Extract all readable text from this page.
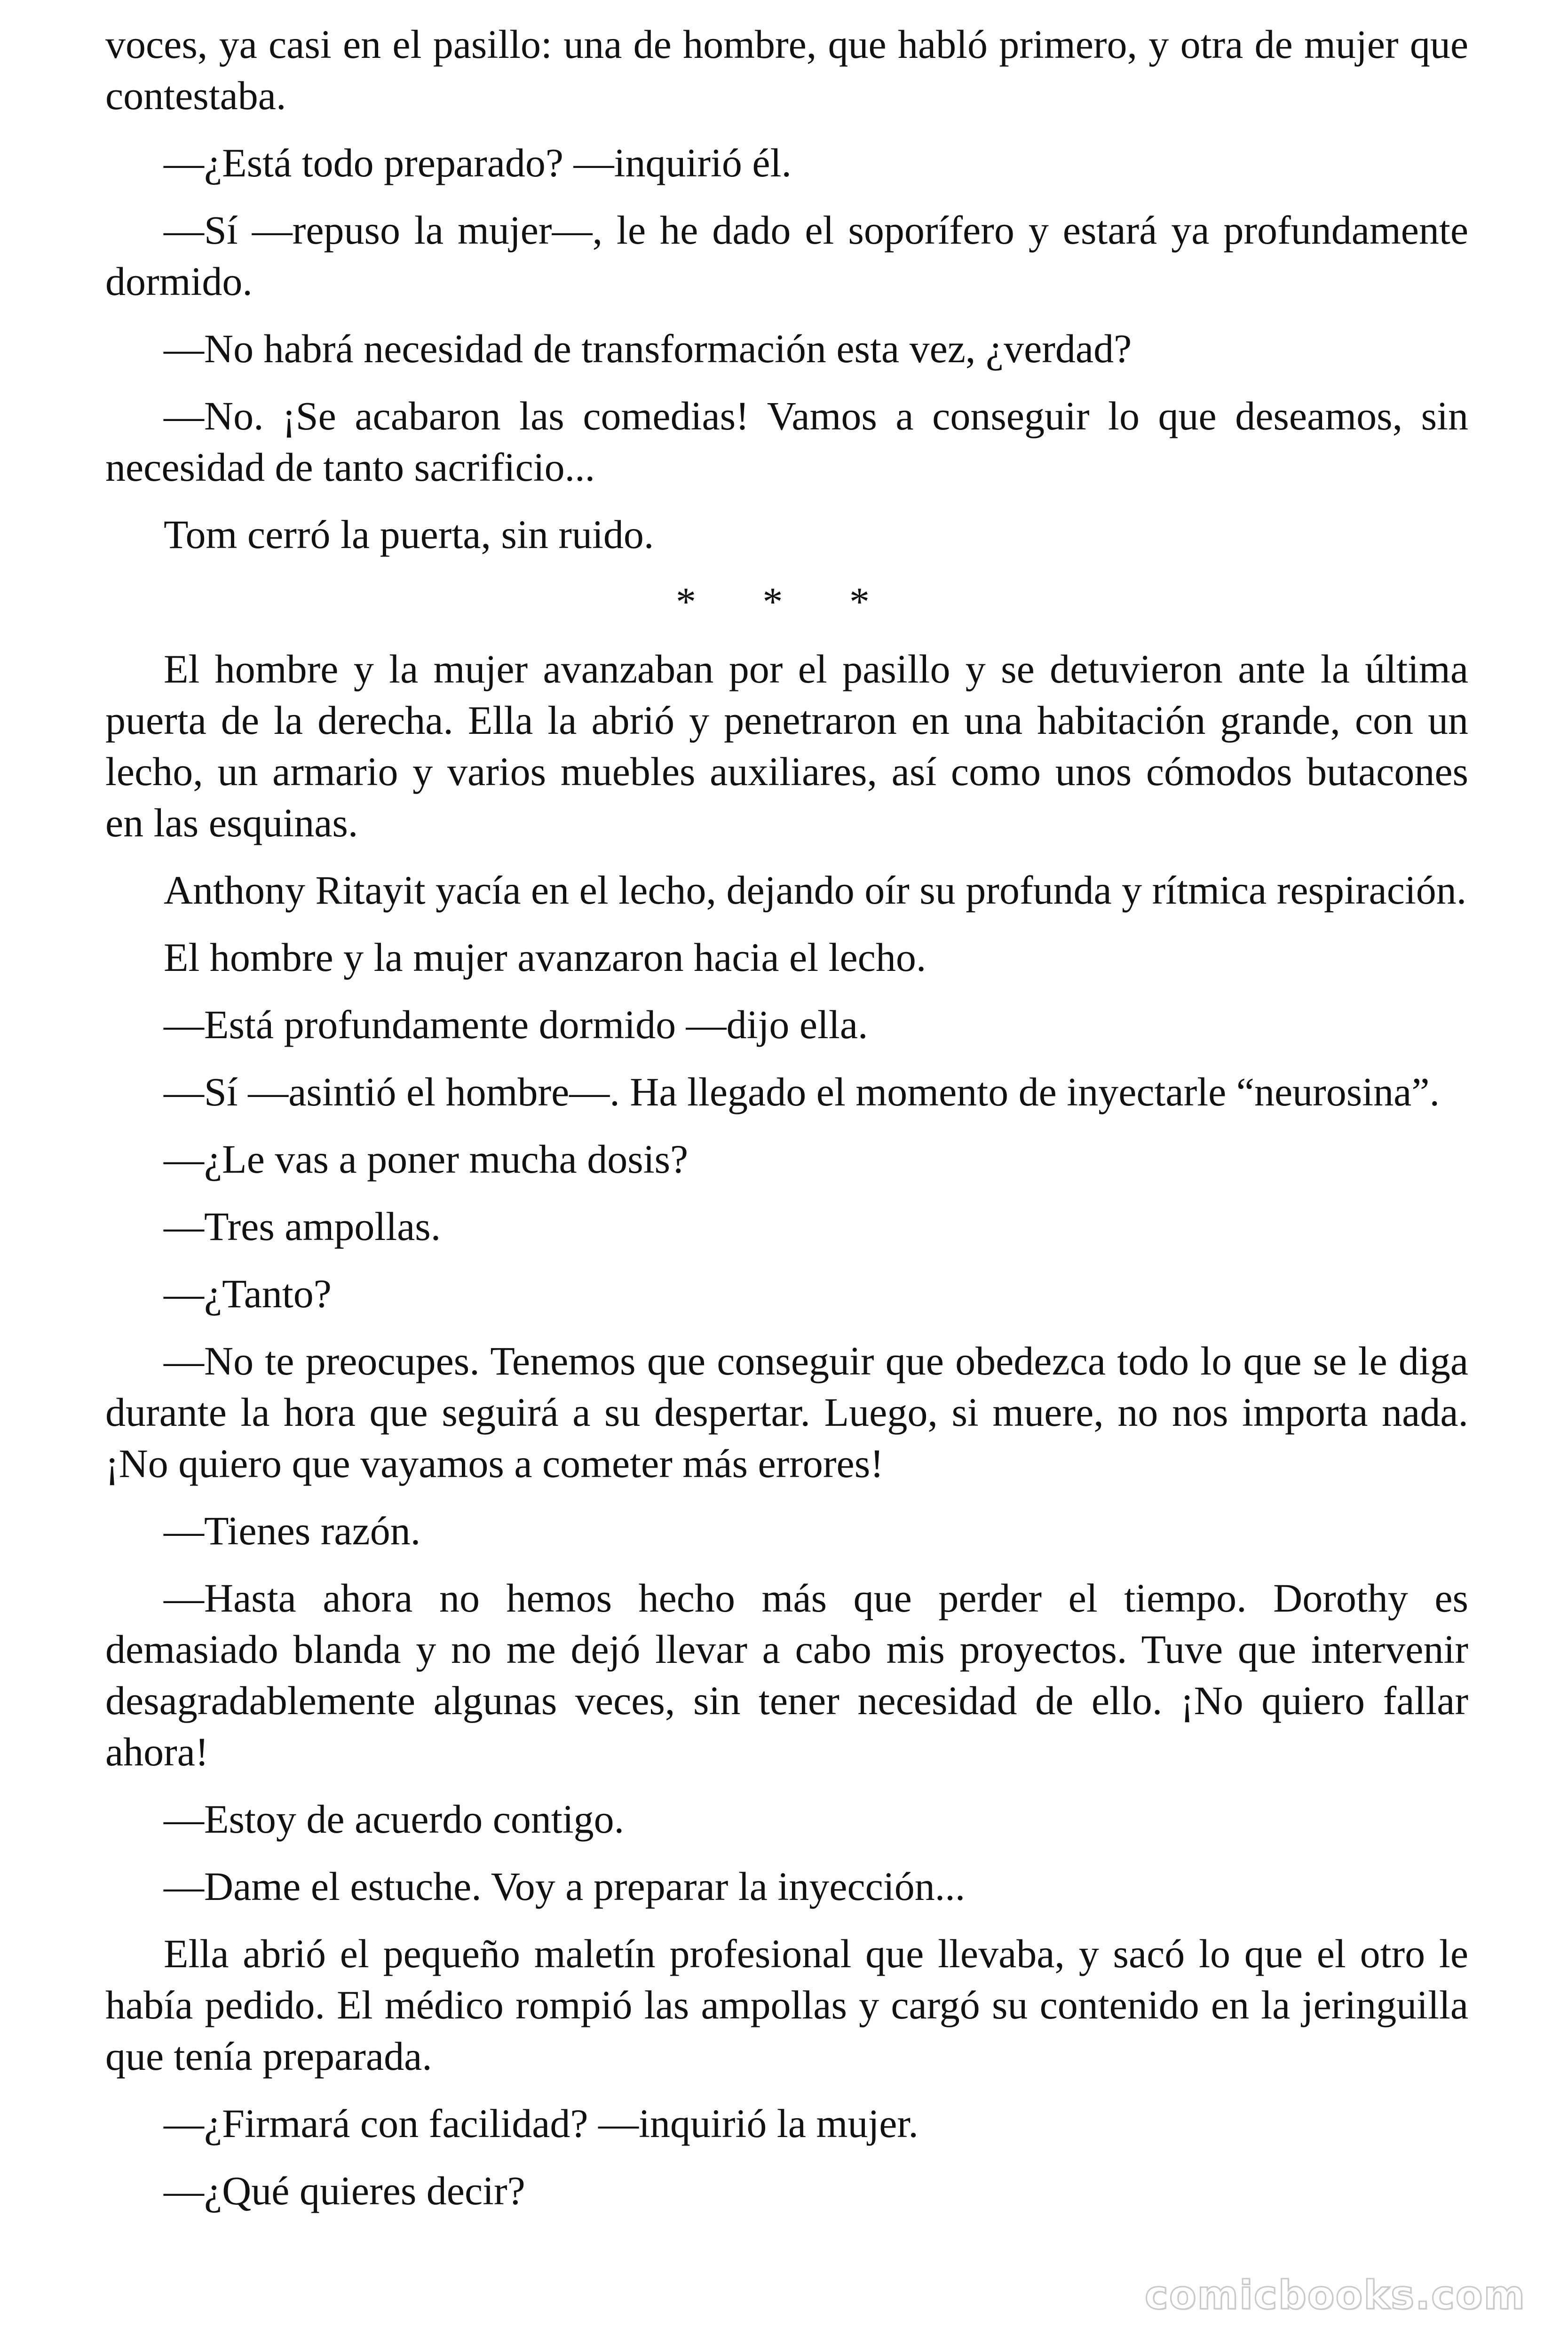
voces, ya casi en el pasillo: una de hombre, que habló primero, y otra de mujer que contestaba.

—¿Está todo preparado? —inquirió él.

—Sí —repuso la mujer—, le he dado el soporífero y estará ya profundamente dormido.

—No habrá necesidad de transformación esta vez, ¿verdad?

—No. ¡Se acabaron las comedias! Vamos a conseguir lo que deseamos, sin necesidad de tanto sacrificio...

Tom cerró la puerta, sin ruido.

* * *

El hombre y la mujer avanzaban por el pasillo y se detuvieron ante la última puerta de la derecha. Ella la abrió y penetraron en una habitación grande, con un lecho, un armario y varios muebles auxiliares, así como unos cómodos butacones en las esquinas.

Anthony Ritayit yacía en el lecho, dejando oír su profunda y rítmica respiración.

El hombre y la mujer avanzaron hacia el lecho.

—Está profundamente dormido —dijo ella.

—Sí —asintió el hombre—. Ha llegado el momento de inyectarle “neurosina”.

—¿Le vas a poner mucha dosis?

—Tres ampollas.

—¿Tanto?

—No te preocupes. Tenemos que conseguir que obedezca todo lo que se le diga durante la hora que seguirá a su despertar. Luego, si muere, no nos importa nada. ¡No quiero que vayamos a cometer más errores!

—Tienes razón.

—Hasta ahora no hemos hecho más que perder el tiempo. Dorothy es demasiado blanda y no me dejó llevar a cabo mis proyectos. Tuve que intervenir desagradablemente algunas veces, sin tener necesidad de ello. ¡No quiero fallar ahora!

—Estoy de acuerdo contigo.

—Dame el estuche. Voy a preparar la inyección...

Ella abrió el pequeño maletín profesional que llevaba, y sacó lo que el otro le había pedido. El médico rompió las ampollas y cargó su contenido en la jeringuilla que tenía preparada.

—¿Firmará con facilidad? —inquirió la mujer.

—¿Qué quieres decir?

comicbooks.com
